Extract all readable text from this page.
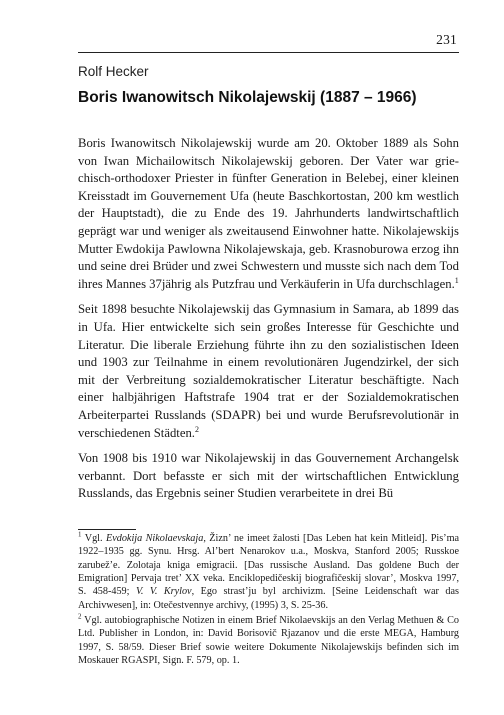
231
Rolf Hecker
Boris Iwanowitsch Nikolajewskij (1887 – 1966)

Boris Iwanowitsch Nikolajewskij wurde am 20. Oktober 1889 als Sohn von Iwan Michailowitsch Nikolajewskij geboren. Der Vater war griechisch-orthodoxer Priester in fünfter Generation in Belebej, einer kleinen Kreisstadt im Gouvernement Ufa (heute Baschkortostan, 200 km westlich der Hauptstadt), die zu Ende des 19. Jahrhunderts landwirtschaftlich geprägt war und weniger als zweitausend Einwohner hatte. Nikolajewskijs Mutter Ewdokija Pawlowna Nikolajewskaja, geb. Krasnoburowa erzog ihn und seine drei Brüder und zwei Schwestern und musste sich nach dem Tod ihres Mannes 37jährig als Putzfrau und Verkäuferin in Ufa durchschlagen.$^1$

Seit 1898 besuchte Nikolajewskij das Gymnasium in Samara, ab 1899 das in Ufa. Hier entwickelte sich sein großes Interesse für Geschichte und Literatur. Die liberale Erziehung führte ihn zu den sozialistischen Ideen und 1903 zur Teilnahme in einem revolutionären Jugendzirkel, der sich mit der Verbreitung sozialdemokratischer Literatur beschäftigte. Nach einer halbjährigen Haftstrafe 1904 trat er der Sozialdemokratischen Arbeiterpartei Russlands (SDAPR) bei und wurde Berufsrevolutionär in verschiedenen Städten.$^2$

Von 1908 bis 1910 war Nikolajewskij in das Gouvernement Archangelsk verbannt. Dort befasste er sich mit der wirtschaftlichen Entwicklung Russlands, das Ergebnis seiner Studien verarbeitete in drei Bü

$^1$ Vgl. Evdokija Nikolaevskaja, Žizn’ ne imeet žalosti [Das Leben hat kein Mitleid]. Pis’ma 1922–1935 gg. Synu. Hrsg. Al’bert Nenarokov u.a., Moskva, Stanford 2005; Russkoe zarubež’e. Zolotaja kniga emigracii. [Das russische Ausland. Das goldene Buch der Emigration] Pervaja tret’ XX veka. Enciklopedičeskij biografičeskij slovar’, Moskva 1997, S. 458-459; V. V. Krylov, Ego strast’ju byl archivizm. [Seine Leidenschaft war das Archivwesen], in: Otečestvennye archivy, (1995) 3, S. 25-36.

$^2$ Vgl. autobiographische Notizen in einem Brief Nikolaevskijs an den Verlag Methuen & Co Ltd. Publisher in London, in: David Borisovič Rjazanov und die erste MEGA, Hamburg 1997, S. 58/59. Dieser Brief sowie weitere Dokumente Nikolajewskijs befinden sich im Moskauer RGASPI, Sign. F. 579, op. 1.
